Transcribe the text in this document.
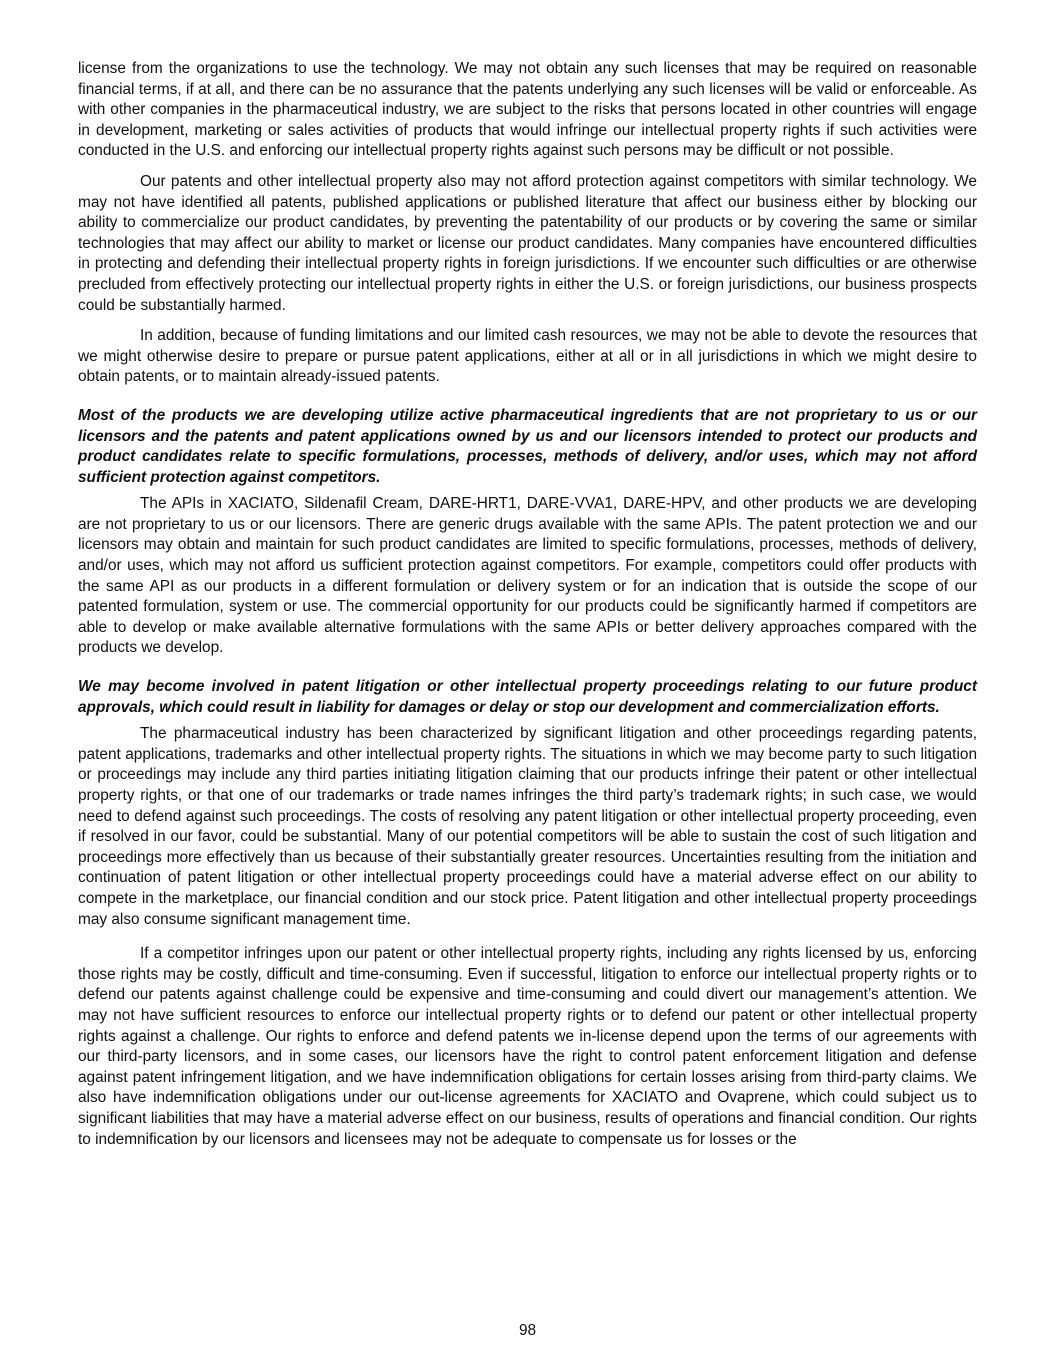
license from the organizations to use the technology. We may not obtain any such licenses that may be required on reasonable financial terms, if at all, and there can be no assurance that the patents underlying any such licenses will be valid or enforceable. As with other companies in the pharmaceutical industry, we are subject to the risks that persons located in other countries will engage in development, marketing or sales activities of products that would infringe our intellectual property rights if such activities were conducted in the U.S. and enforcing our intellectual property rights against such persons may be difficult or not possible.

Our patents and other intellectual property also may not afford protection against competitors with similar technology. We may not have identified all patents, published applications or published literature that affect our business either by blocking our ability to commercialize our product candidates, by preventing the patentability of our products or by covering the same or similar technologies that may affect our ability to market or license our product candidates. Many companies have encountered difficulties in protecting and defending their intellectual property rights in foreign jurisdictions. If we encounter such difficulties or are otherwise precluded from effectively protecting our intellectual property rights in either the U.S. or foreign jurisdictions, our business prospects could be substantially harmed.

In addition, because of funding limitations and our limited cash resources, we may not be able to devote the resources that we might otherwise desire to prepare or pursue patent applications, either at all or in all jurisdictions in which we might desire to obtain patents, or to maintain already-issued patents.

Most of the products we are developing utilize active pharmaceutical ingredients that are not proprietary to us or our licensors and the patents and patent applications owned by us and our licensors intended to protect our products and product candidates relate to specific formulations, processes, methods of delivery, and/or uses, which may not afford sufficient protection against competitors.

The APIs in XACIATO, Sildenafil Cream, DARE-HRT1, DARE-VVA1, DARE-HPV, and other products we are developing are not proprietary to us or our licensors. There are generic drugs available with the same APIs. The patent protection we and our licensors may obtain and maintain for such product candidates are limited to specific formulations, processes, methods of delivery, and/or uses, which may not afford us sufficient protection against competitors. For example, competitors could offer products with the same API as our products in a different formulation or delivery system or for an indication that is outside the scope of our patented formulation, system or use. The commercial opportunity for our products could be significantly harmed if competitors are able to develop or make available alternative formulations with the same APIs or better delivery approaches compared with the products we develop.

We may become involved in patent litigation or other intellectual property proceedings relating to our future product approvals, which could result in liability for damages or delay or stop our development and commercialization efforts.

The pharmaceutical industry has been characterized by significant litigation and other proceedings regarding patents, patent applications, trademarks and other intellectual property rights. The situations in which we may become party to such litigation or proceedings may include any third parties initiating litigation claiming that our products infringe their patent or other intellectual property rights, or that one of our trademarks or trade names infringes the third party’s trademark rights; in such case, we would need to defend against such proceedings. The costs of resolving any patent litigation or other intellectual property proceeding, even if resolved in our favor, could be substantial. Many of our potential competitors will be able to sustain the cost of such litigation and proceedings more effectively than us because of their substantially greater resources. Uncertainties resulting from the initiation and continuation of patent litigation or other intellectual property proceedings could have a material adverse effect on our ability to compete in the marketplace, our financial condition and our stock price. Patent litigation and other intellectual property proceedings may also consume significant management time.

If a competitor infringes upon our patent or other intellectual property rights, including any rights licensed by us, enforcing those rights may be costly, difficult and time-consuming. Even if successful, litigation to enforce our intellectual property rights or to defend our patents against challenge could be expensive and time-consuming and could divert our management’s attention. We may not have sufficient resources to enforce our intellectual property rights or to defend our patent or other intellectual property rights against a challenge. Our rights to enforce and defend patents we in-license depend upon the terms of our agreements with our third-party licensors, and in some cases, our licensors have the right to control patent enforcement litigation and defense against patent infringement litigation, and we have indemnification obligations for certain losses arising from third-party claims. We also have indemnification obligations under our out-license agreements for XACIATO and Ovaprene, which could subject us to significant liabilities that may have a material adverse effect on our business, results of operations and financial condition. Our rights to indemnification by our licensors and licensees may not be adequate to compensate us for losses or the

98
